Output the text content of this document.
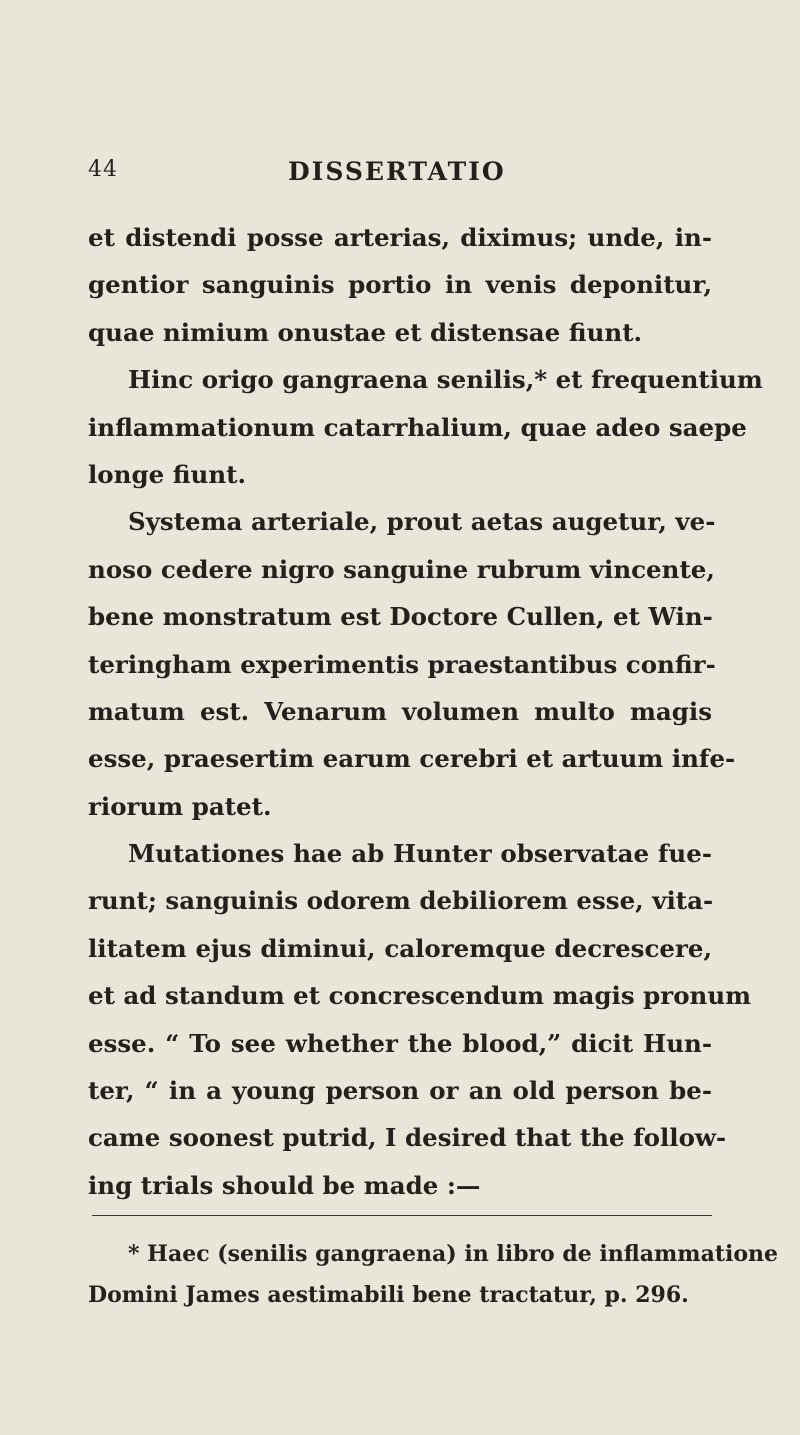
44	DISSERTATIO
et distendi posse arterias, diximus; unde, in-
gentior sanguinis portio in venis deponitur,
quae nimium onustae et distensae fiunt.
Hinc origo gangraena senilis,* et frequentium
inflammationum catarrhalium, quae adeo saepe
longe fiunt.
Systema arteriale, prout aetas augetur, ve-
noso cedere nigro sanguine rubrum vincente,
bene monstratum est Doctore Cullen, et Win-
teringham experimentis praestantibus confir-
matum est. Venarum volumen multo magis
esse, praesertim earum cerebri et artuum infe-
riorum patet.
Mutationes hae ab Hunter observatae fue-
runt; sanguinis odorem debiliorem esse, vita-
litatem ejus diminui, caloremque decrescere,
et ad standum et concrescendum magis pronum
esse. “ To see whether the blood,” dicit Hun-
ter, “ in a young person or an old person be-
came soonest putrid, I desired that the follow-
ing trials should be made :—
* Haec (senilis gangraena) in libro de inflammatione
Domini James aestimabili bene tractatur, p. 296.
